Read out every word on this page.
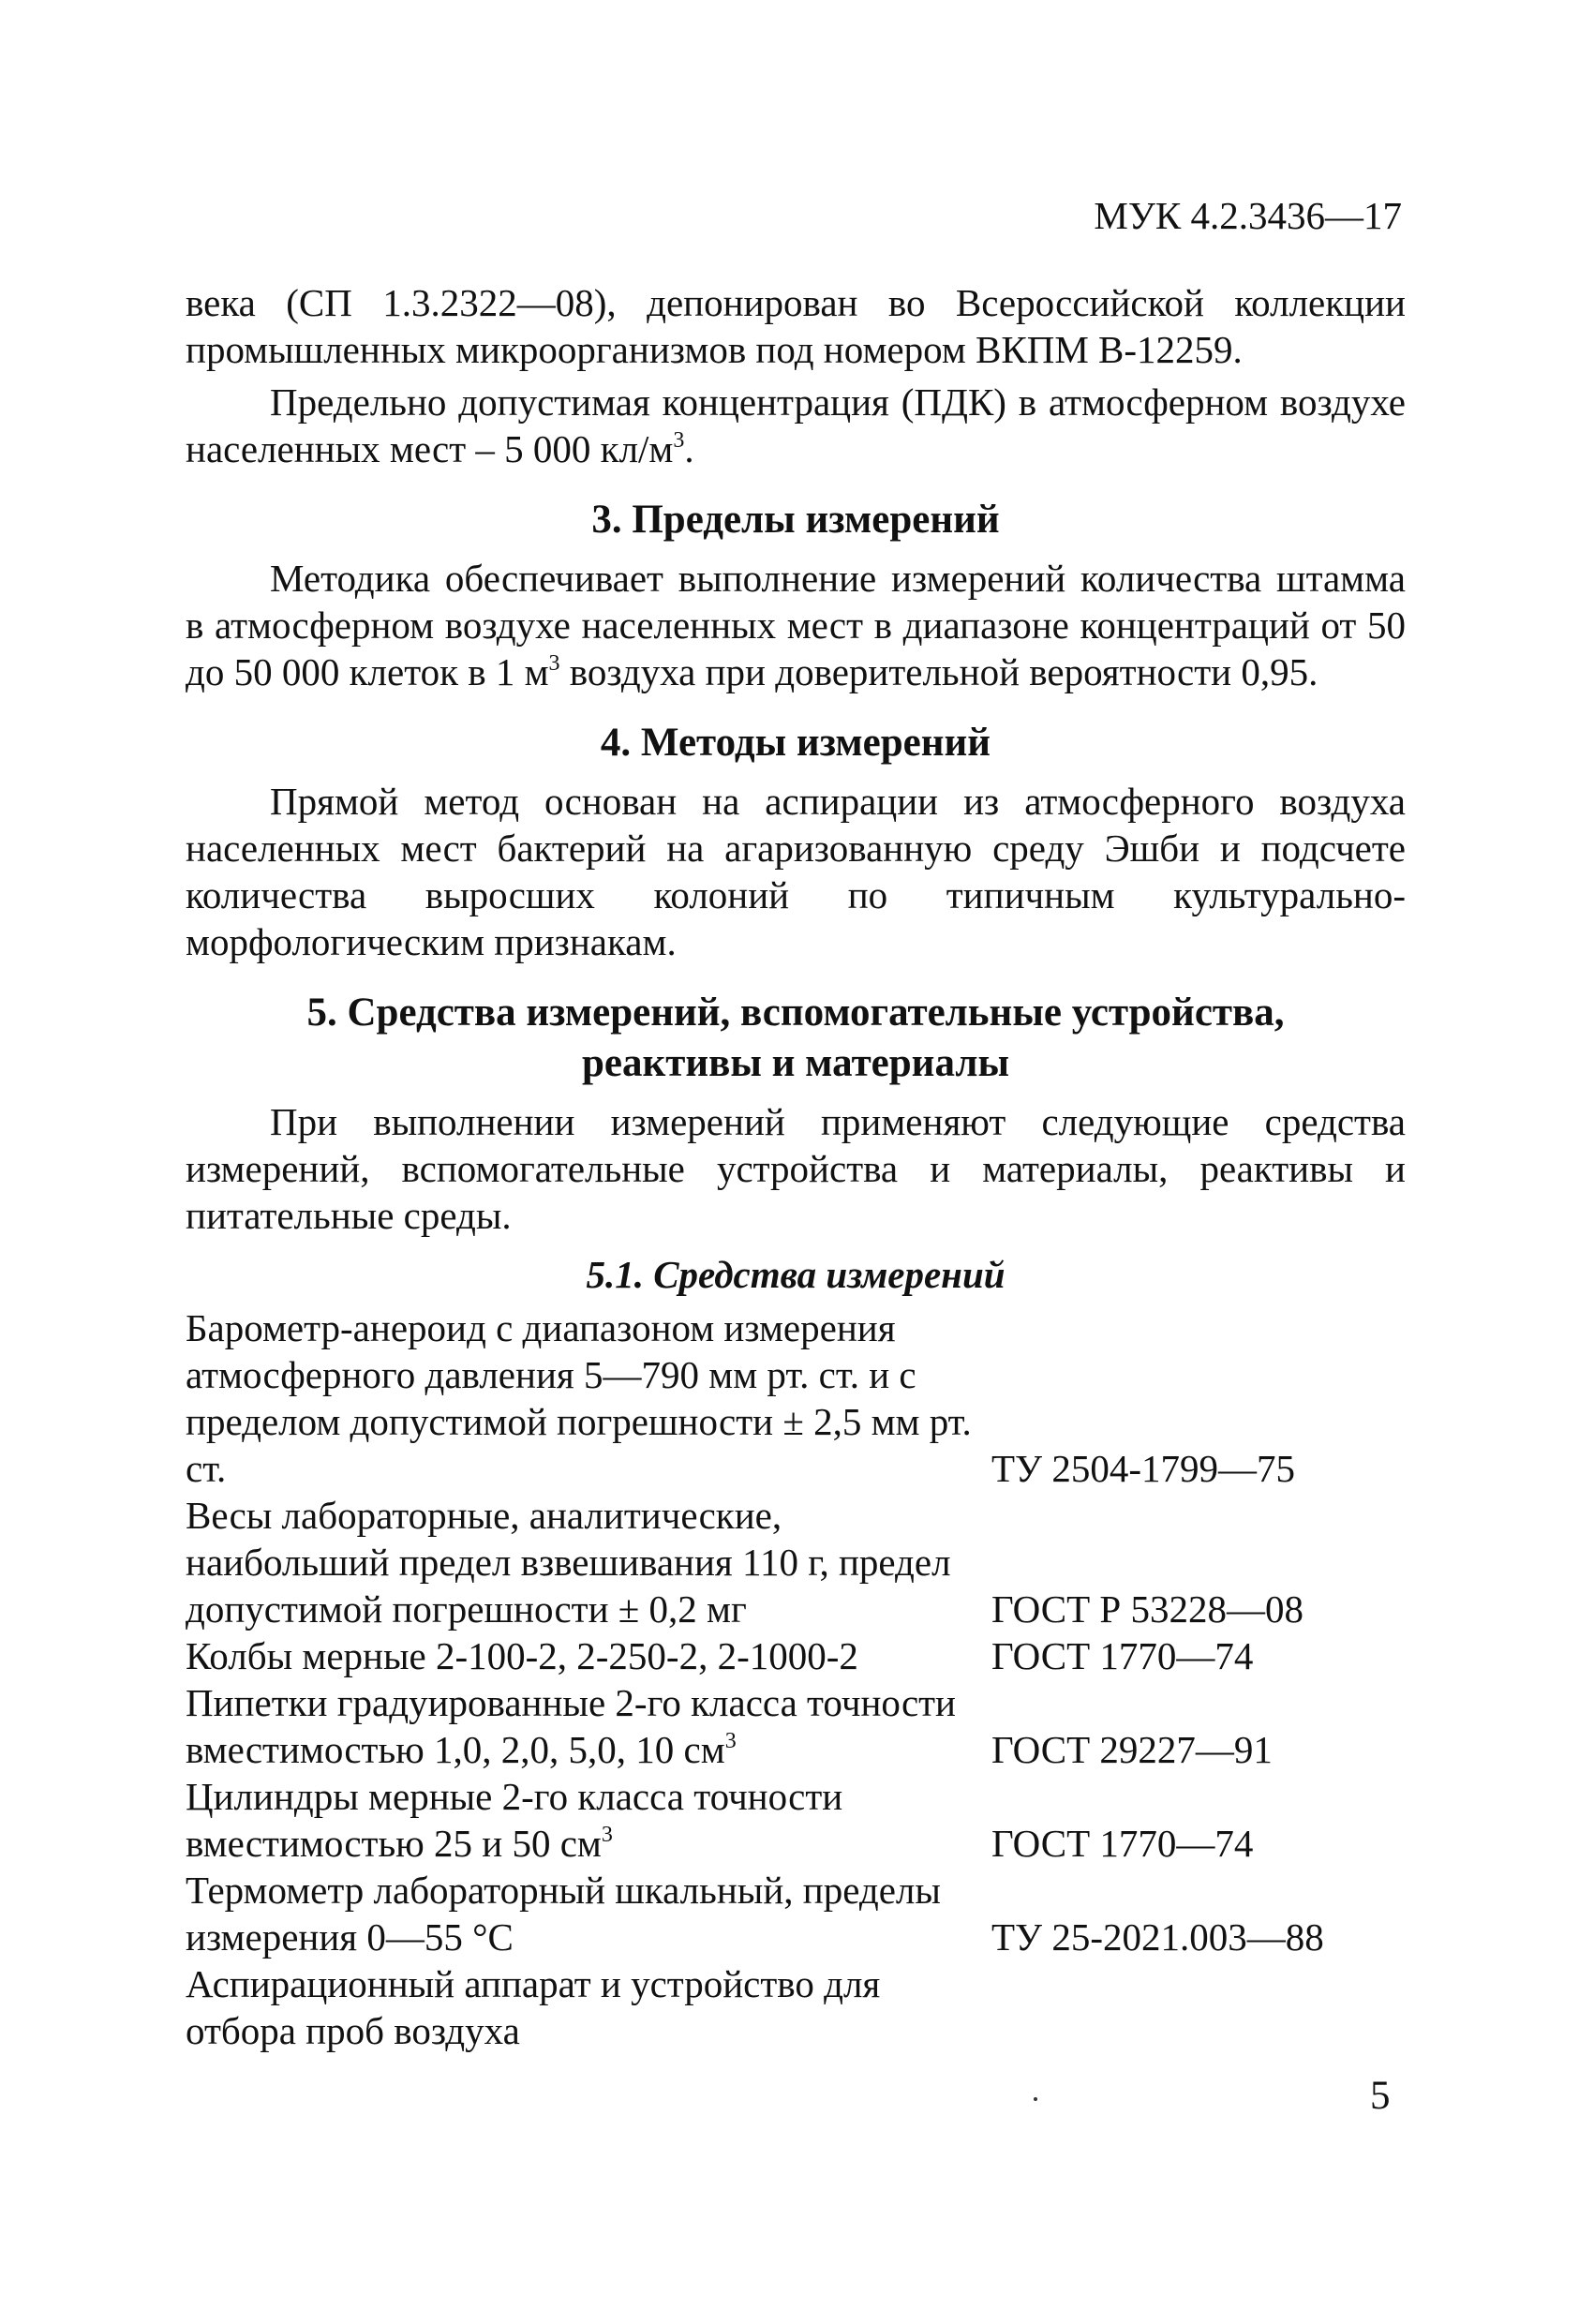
МУК 4.2.3436—17

века (СП 1.3.2322—08), депонирован во Всероссийской коллекции промышленных микроорганизмов под номером ВКПМ В-12259.

Предельно допустимая концентрация (ПДК) в атмосферном воздухе населенных мест – 5 000 $кл/м^3$.

3. Пределы измерений

Методика обеспечивает выполнение измерений количества штамма в атмосферном воздухе населенных мест в диапазоне концентраций от 50 до 50 000 клеток в 1 $м^3$ воздуха при доверительной вероятности 0,95.

4. Методы измерений

Прямой метод основан на аспирации из атмосферного воздуха населенных мест бактерий на агаризованную среду Эшби и подсчете количества выросших колоний по типичным культурально-морфологическим признакам.

5. Средства измерений, вспомогательные устройства,
реактивы и материалы

При выполнении измерений применяют следующие средства измерений, вспомогательные устройства и материалы, реактивы и питательные среды.

5.1. Средства измерений
Барометр-анероид с диапазоном измерения атмосферного давления 5—790 мм рт. ст. и с пределом допустимой погрешности ± 2,5 мм рт. ст.	ТУ 2504-1799—75
Весы лабораторные, аналитические, наибольший предел взвешивания 110 г, предел допустимой погрешности ± 0,2 мг	ГОСТ Р 53228—08
Колбы мерные 2-100-2, 2-250-2, 2-1000-2	ГОСТ 1770—74
Пипетки градуированные 2-го класса точности вместимостью 1,0, 2,0, 5,0, 10 $см^3$	ГОСТ 29227—91
Цилиндры мерные 2-го класса точности вместимостью 25 и 50 $см^3$	ГОСТ 1770—74
Термометр лабораторный шкальный, пределы измерения 0—55 °С	ТУ 25-2021.003—88
Аспирационный аппарат и устройство для отбора проб воздуха
5
